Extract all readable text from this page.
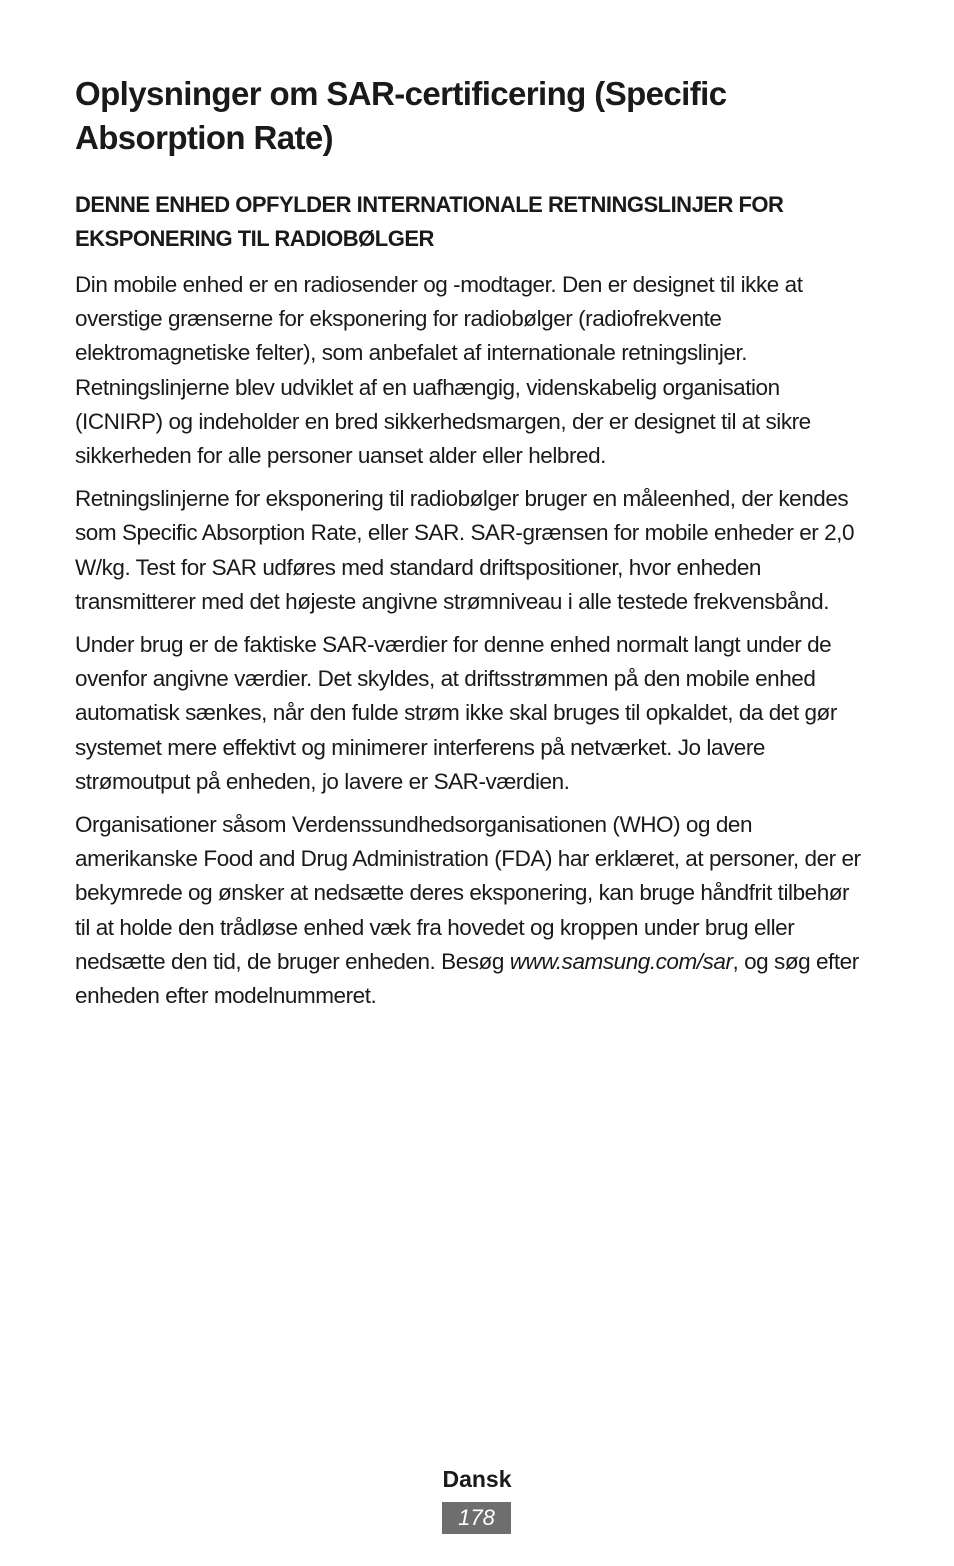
Oplysninger om SAR-certificering (Specific Absorption Rate)
DENNE ENHED OPFYLDER INTERNATIONALE RETNINGSLINJER FOR EKSPONERING TIL RADIOBØLGER

Din mobile enhed er en radiosender og -modtager. Den er designet til ikke at overstige grænserne for eksponering for radiobølger (radiofrekvente elektromagnetiske felter), som anbefalet af internationale retningslinjer. Retningslinjerne blev udviklet af en uafhængig, videnskabelig organisation (ICNIRP) og indeholder en bred sikkerhedsmargen, der er designet til at sikre sikkerheden for alle personer uanset alder eller helbred.

Retningslinjerne for eksponering til radiobølger bruger en måleenhed, der kendes som Specific Absorption Rate, eller SAR. SAR-grænsen for mobile enheder er 2,0 W/kg. Test for SAR udføres med standard driftspositioner, hvor enheden transmitterer med det højeste angivne strømniveau i alle testede frekvensbånd.

Under brug er de faktiske SAR-værdier for denne enhed normalt langt under de ovenfor angivne værdier. Det skyldes, at driftsstrømmen på den mobile enhed automatisk sænkes, når den fulde strøm ikke skal bruges til opkaldet, da det gør systemet mere effektivt og minimerer interferens på netværket. Jo lavere strømoutput på enheden, jo lavere er SAR-værdien.

Organisationer såsom Verdenssundhedsorganisationen (WHO) og den amerikanske Food and Drug Administration (FDA) har erklæret, at personer, der er bekymrede og ønsker at nedsætte deres eksponering, kan bruge håndfrit tilbehør til at holde den trådløse enhed væk fra hovedet og kroppen under brug eller nedsætte den tid, de bruger enheden. Besøg www.samsung.com/sar, og søg efter enheden efter modelnummeret.

Dansk
178
